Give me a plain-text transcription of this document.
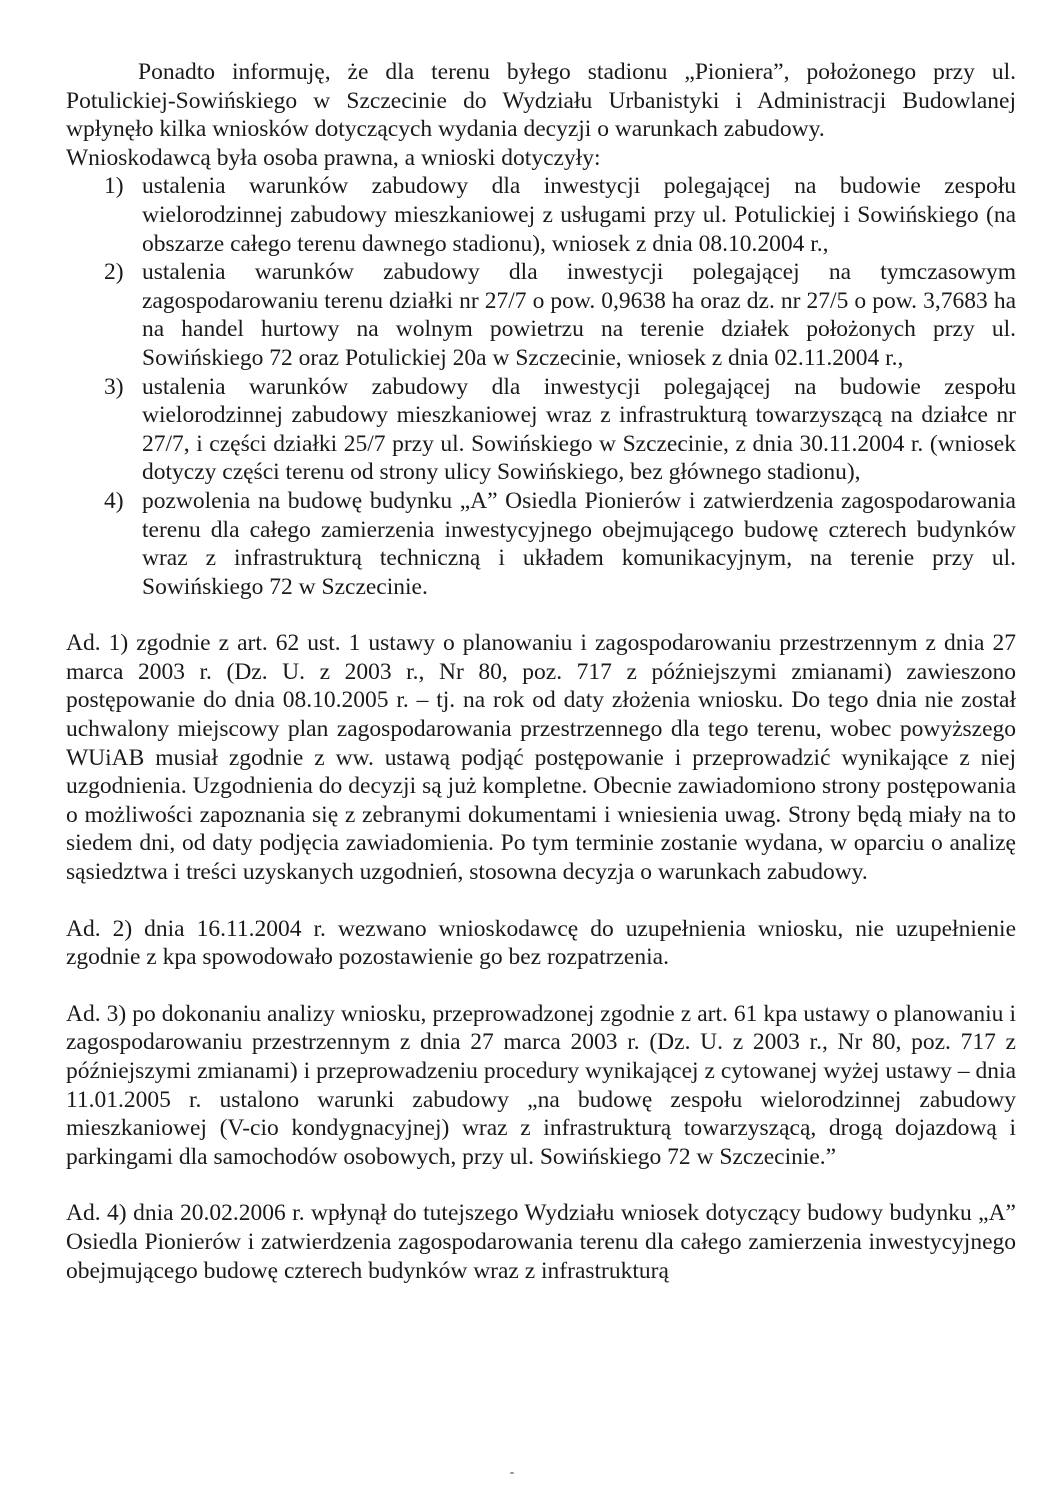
Ponadto informuję, że dla terenu byłego stadionu „Pioniera”, położonego przy ul. Potulickiej-Sowińskiego w Szczecinie do Wydziału Urbanistyki i Administracji Budowlanej wpłynęło kilka wniosków dotyczących wydania decyzji o warunkach zabudowy.

Wnioskodawcą była osoba prawna, a wnioski dotyczyły:

1) ustalenia warunków zabudowy dla inwestycji polegającej na budowie zespołu wielorodzinnej zabudowy mieszkaniowej z usługami przy ul. Potulickiej i Sowińskiego (na obszarze całego terenu dawnego stadionu), wniosek z dnia 08.10.2004 r.,
2) ustalenia warunków zabudowy dla inwestycji polegającej na tymczasowym zagospodarowaniu terenu działki nr 27/7 o pow. 0,9638 ha oraz dz. nr 27/5 o pow. 3,7683 ha na handel hurtowy na wolnym powietrzu na terenie działek położonych przy ul. Sowińskiego 72 oraz Potulickiej 20a w Szczecinie, wniosek z dnia 02.11.2004 r.,
3) ustalenia warunków zabudowy dla inwestycji polegającej na budowie zespołu wielorodzinnej zabudowy mieszkaniowej wraz z infrastrukturą towarzyszącą na działce nr 27/7, i części działki 25/7 przy ul. Sowińskiego w Szczecinie, z dnia 30.11.2004 r. (wniosek dotyczy części terenu od strony ulicy Sowińskiego, bez głównego stadionu),
4) pozwolenia na budowę budynku „A” Osiedla Pionierów i zatwierdzenia zagospodarowania terenu dla całego zamierzenia inwestycyjnego obejmującego budowę czterech budynków wraz z infrastrukturą techniczną i układem komunikacyjnym, na terenie przy ul. Sowińskiego 72 w Szczecinie.

Ad. 1) zgodnie z art. 62 ust. 1 ustawy o planowaniu i zagospodarowaniu przestrzennym z dnia 27 marca 2003 r. (Dz. U. z 2003 r., Nr 80, poz. 717 z późniejszymi zmianami) zawieszono postępowanie do dnia 08.10.2005 r. – tj. na rok od daty złożenia wniosku. Do tego dnia nie został uchwalony miejscowy plan zagospodarowania przestrzennego dla tego terenu, wobec powyższego WUiAB musiał zgodnie z ww. ustawą podjąć postępowanie i przeprowadzić wynikające z niej uzgodnienia. Uzgodnienia do decyzji są już kompletne. Obecnie zawiadomiono strony postępowania o możliwości zapoznania się z zebranymi dokumentami i wniesienia uwag. Strony będą miały na to siedem dni, od daty podjęcia zawiadomienia. Po tym terminie zostanie wydana, w oparciu o analizę sąsiedztwa i treści uzyskanych uzgodnień, stosowna decyzja o warunkach zabudowy.

Ad. 2) dnia 16.11.2004 r. wezwano wnioskodawcę do uzupełnienia wniosku, nie uzupełnienie zgodnie z kpa spowodowało pozostawienie go bez rozpatrzenia.

Ad. 3) po dokonaniu analizy wniosku, przeprowadzonej zgodnie z art. 61 kpa ustawy o planowaniu i zagospodarowaniu przestrzennym z dnia 27 marca 2003 r. (Dz. U. z 2003 r., Nr 80, poz. 717 z późniejszymi zmianami) i przeprowadzeniu procedury wynikającej z cytowanej wyżej ustawy – dnia 11.01.2005 r. ustalono warunki zabudowy „na budowę zespołu wielorodzinnej zabudowy mieszkaniowej (V-cio kondygnacyjnej) wraz z infrastrukturą towarzyszącą, drogą dojazdową i parkingami dla samochodów osobowych, przy ul. Sowińskiego 72 w Szczecinie.”

Ad. 4) dnia 20.02.2006 r. wpłynął do tutejszego Wydziału wniosek dotyczący budowy budynku „A” Osiedla Pionierów i zatwierdzenia zagospodarowania terenu dla całego zamierzenia inwestycyjnego obejmującego budowę czterech budynków wraz z infrastrukturą
